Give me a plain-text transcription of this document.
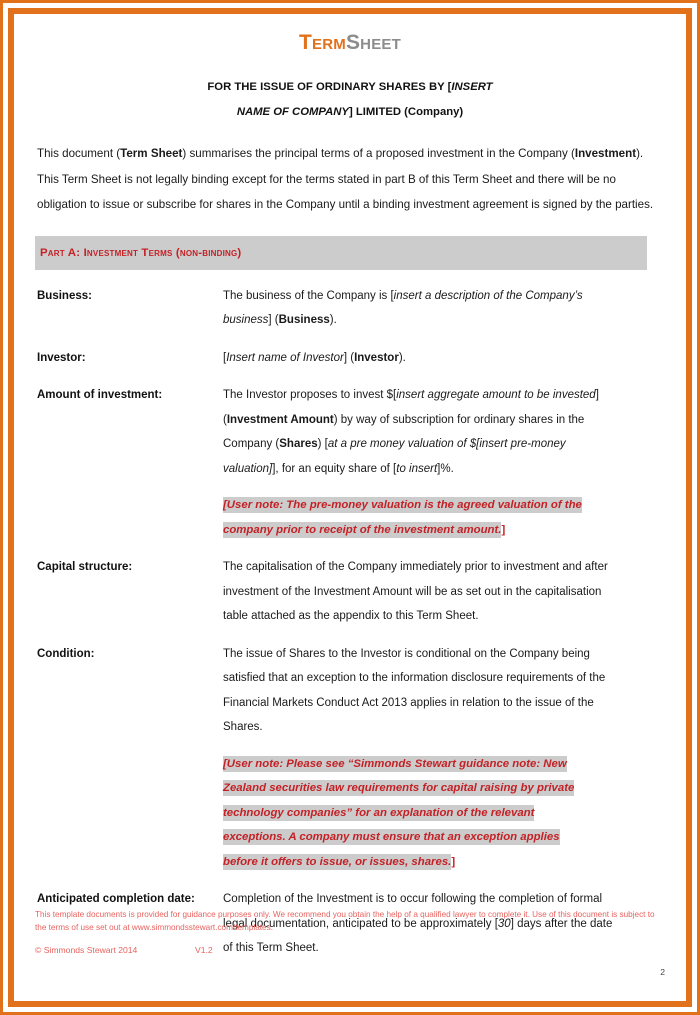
TermSheet
FOR THE ISSUE OF ORDINARY SHARES BY [INSERT
NAME OF COMPANY] LIMITED (Company)

This document (Term Sheet) summarises the principal terms of a proposed investment in the Company (Investment). This Term Sheet is not legally binding except for the terms stated in part B of this Term Sheet and there will be no obligation to issue or subscribe for shares in the Company until a binding investment agreement is signed by the parties.

Part A: Investment Terms (non-binding)
Business:	The business of the Company is [insert a description of the Company’s business] (Business).
Investor:	[Insert name of Investor] (Investor).
Amount of investment:	The Investor proposes to invest $[insert aggregate amount to be invested] (Investment Amount) by way of subscription for ordinary shares in the Company (Shares) [at a pre money valuation of $[insert pre-money valuation]], for an equity share of [to insert]%.
[User note: The pre-money valuation is the agreed valuation of the
company prior to receipt of the investment amount.]
Capital structure:	The capitalisation of the Company immediately prior to investment and after investment of the Investment Amount will be as set out in the capitalisation table attached as the appendix to this Term Sheet.
Condition:	The issue of Shares to the Investor is conditional on the Company being satisfied that an exception to the information disclosure requirements of the Financial Markets Conduct Act 2013 applies in relation to the issue of the Shares.
[User note: Please see “Simmonds Stewart guidance note: New
Zealand securities law requirements for capital raising by private
technology companies” for an explanation of the relevant
exceptions. A company must ensure that an exception applies
before it offers to issue, or issues, shares.]
Anticipated completion date:	Completion of the Investment is to occur following the completion of formal legal documentation, anticipated to be approximately [30] days after the date of this Term Sheet.

This template documents is provided for guidance purposes only. We recommend you obtain the help of a qualified lawyer to complete it. Use of this document is subject to the terms of use set out at www.simmondsstewart.com/templates.

© Simmonds Stewart 2014	V1.2
2
